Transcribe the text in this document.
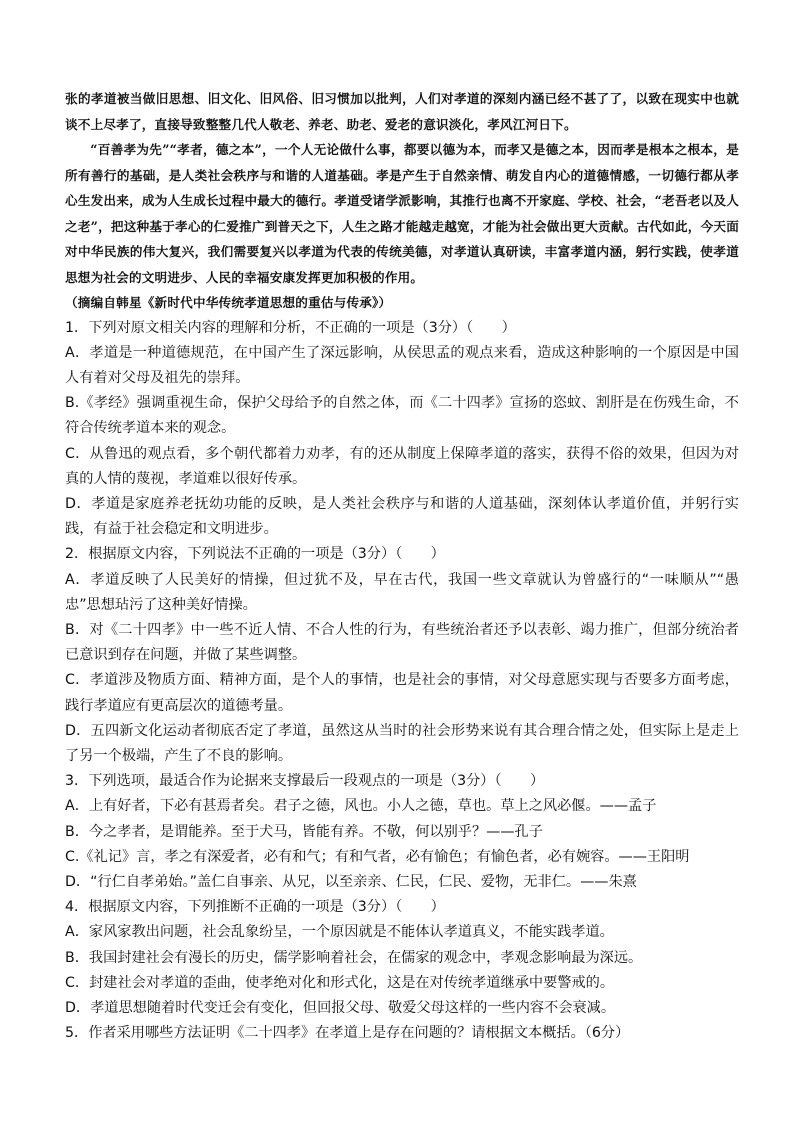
张的孝道被当做旧思想、旧文化、旧风俗、旧习惯加以批判，人们对孝道的深刻内涵已经不甚了了，以致在现实中也就谈不上尽孝了，直接导致整整几代人敬老、养老、助老、爱老的意识淡化，孝风江河日下。

“百善孝为先”“孝者，德之本”，一个人无论做什么事，都要以德为本，而孝又是德之本，因而孝是根本之根本，是所有善行的基础，是人类社会秩序与和谐的人道基础。孝是产生于自然亲情、萌发自内心的道德情感，一切德行都从孝心生发出来，成为人生成长过程中最大的德行。孝道受诸学派影响，其推行也离不开家庭、学校、社会，“老吾老以及人之老”，把这种基于孝心的仁爱推广到普天之下，人生之路才能越走越宽，才能为社会做出更大贡献。古代如此，今天面对中华民族的伟大复兴，我们需要复兴以孝道为代表的传统美德，对孝道认真研读，丰富孝道内涵，躬行实践，使孝道思想为社会的文明进步、人民的幸福安康发挥更加积极的作用。

（摘编自韩星《新时代中华传统孝道思想的重估与传承》）

1．下列对原文相关内容的理解和分析，不正确的一项是（3分）（　　）

A．孝道是一种道德规范，在中国产生了深远影响，从侯思孟的观点来看，造成这种影响的一个原因是中国人有着对父母及祖先的崇拜。

B.《孝经》强调重视生命，保护父母给予的自然之体，而《二十四孝》宣扬的恣蚊、割肝是在伤残生命，不符合传统孝道本来的观念。

C．从鲁迅的观点看，多个朝代都着力劝孝，有的还从制度上保障孝道的落实，获得不俗的效果，但因为对真的人情的蔑视，孝道难以很好传承。

D．孝道是家庭养老抚幼功能的反映，是人类社会秩序与和谐的人道基础，深刻体认孝道价值，并躬行实践，有益于社会稳定和文明进步。

2．根据原文内容，下列说法不正确的一项是（3分）（　　）

A．孝道反映了人民美好的情操，但过犹不及，早在古代，我国一些文章就认为曾盛行的“一味顺从”“愚忠”思想玷污了这种美好情操。

B．对《二十四孝》中一些不近人情、不合人性的行为，有些统治者还予以表彰、竭力推广，但部分统治者已意识到存在问题，并做了某些调整。

C．孝道涉及物质方面、精神方面，是个人的事情，也是社会的事情，对父母意愿实现与否要多方面考虑，践行孝道应有更高层次的道德考量。

D．五四新文化运动者彻底否定了孝道，虽然这从当时的社会形势来说有其合理合情之处，但实际上是走上了另一个极端，产生了不良的影响。

3．下列选项，最适合作为论据来支撑最后一段观点的一项是（3分）（　　）

A．上有好者，下必有甚焉者矣。君子之德，风也。小人之德，草也。草上之风必偃。——孟子

B．今之孝者，是谓能养。至于犬马，皆能有养。不敬，何以别乎？——孔子

C.《礼记》言，孝之有深爱者，必有和气；有和气者，必有愉色；有愉色者，必有婉容。——王阳明

D．“行仁自孝弟始。”盖仁自事亲、从兄，以至亲亲、仁民，仁民、爱物，无非仁。——朱熹

4．根据原文内容，下列推断不正确的一项是（3分）（　　）

A．家风家教出问题，社会乱象纷呈，一个原因就是不能体认孝道真义，不能实践孝道。

B．我国封建社会有漫长的历史，儒学影响着社会，在儒家的观念中，孝观念影响最为深远。

C．封建社会对孝道的歪曲，使孝绝对化和形式化，这是在对传统孝道继承中要警戒的。

D．孝道思想随着时代变迁会有变化，但回报父母、敬爱父母这样的一些内容不会衰减。

5．作者采用哪些方法证明《二十四孝》在孝道上是存在问题的？请根据文本概括。（6分）
